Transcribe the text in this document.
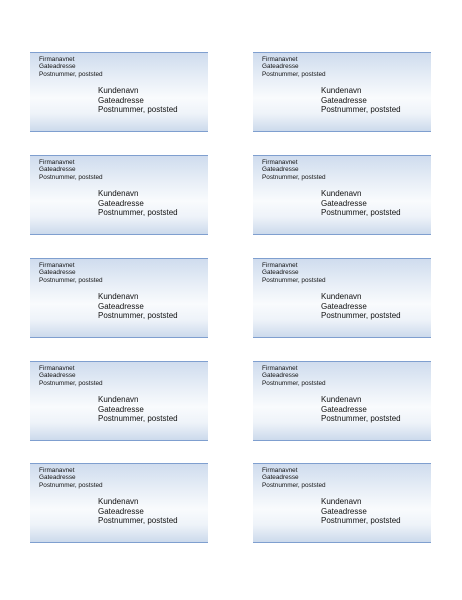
Firmanavnet
Gateadresse
Postnummer, poststed
Kundenavn
Gateadresse
Postnummer, poststed
Firmanavnet
Gateadresse
Postnummer, poststed
Kundenavn
Gateadresse
Postnummer, poststed
Firmanavnet
Gateadresse
Postnummer, poststed
Kundenavn
Gateadresse
Postnummer, poststed
Firmanavnet
Gateadresse
Postnummer, poststed
Kundenavn
Gateadresse
Postnummer, poststed
Firmanavnet
Gateadresse
Postnummer, poststed
Kundenavn
Gateadresse
Postnummer, poststed
Firmanavnet
Gateadresse
Postnummer, poststed
Kundenavn
Gateadresse
Postnummer, poststed
Firmanavnet
Gateadresse
Postnummer, poststed
Kundenavn
Gateadresse
Postnummer, poststed
Firmanavnet
Gateadresse
Postnummer, poststed
Kundenavn
Gateadresse
Postnummer, poststed
Firmanavnet
Gateadresse
Postnummer, poststed
Kundenavn
Gateadresse
Postnummer, poststed
Firmanavnet
Gateadresse
Postnummer, poststed
Kundenavn
Gateadresse
Postnummer, poststed
